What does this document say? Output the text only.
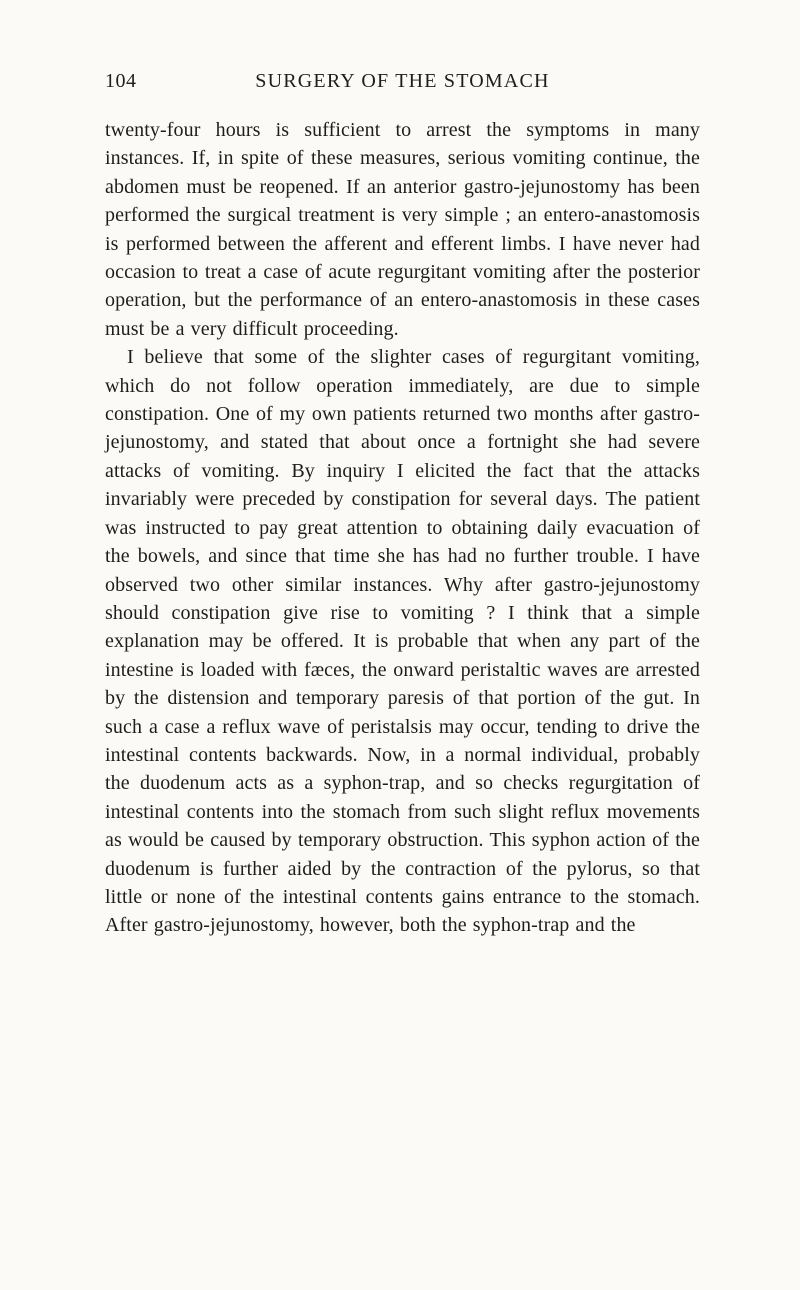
104	SURGERY OF THE STOMACH

twenty-four hours is sufficient to arrest the symptoms in many instances. If, in spite of these measures, serious vomiting continue, the abdomen must be reopened. If an anterior gastro-jejunostomy has been performed the surgical treatment is very simple ; an entero-anastomosis is performed between the afferent and efferent limbs. I have never had occasion to treat a case of acute regurgitant vomiting after the posterior operation, but the performance of an entero-anastomosis in these cases must be a very difficult proceeding.

I believe that some of the slighter cases of regurgitant vomiting, which do not follow operation immediately, are due to simple constipation. One of my own patients returned two months after gastro-jejunostomy, and stated that about once a fortnight she had severe attacks of vomiting. By inquiry I elicited the fact that the attacks invariably were preceded by constipation for several days. The patient was instructed to pay great attention to obtaining daily evacuation of the bowels, and since that time she has had no further trouble. I have observed two other similar instances. Why after gastro-jejunostomy should constipation give rise to vomiting ? I think that a simple explanation may be offered. It is probable that when any part of the intestine is loaded with fæces, the onward peristaltic waves are arrested by the distension and temporary paresis of that portion of the gut. In such a case a reflux wave of peristalsis may occur, tending to drive the intestinal contents backwards. Now, in a normal individual, probably the duodenum acts as a syphon-trap, and so checks regurgitation of intestinal contents into the stomach from such slight reflux movements as would be caused by temporary obstruction. This syphon action of the duodenum is further aided by the contraction of the pylorus, so that little or none of the intestinal contents gains entrance to the stomach. After gastro-jejunostomy, however, both the syphon-trap and the
